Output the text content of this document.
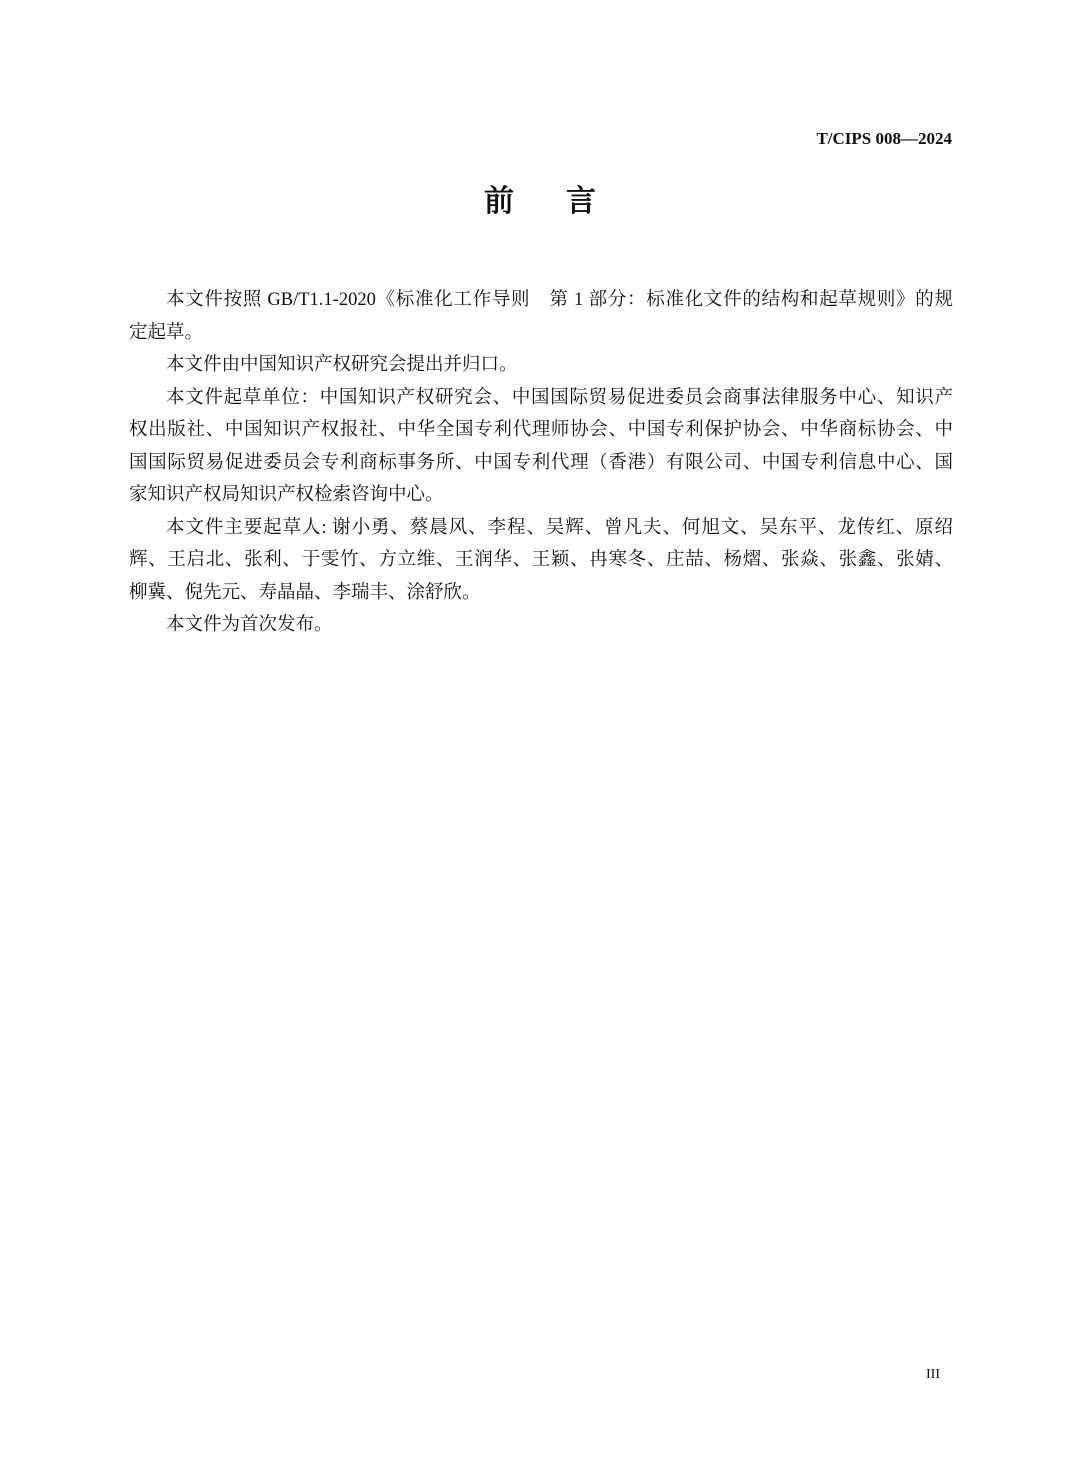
T/CIPS 008—2024
前言
本文件按照 GB/T1.1-2020《标准化工作导则　第 1 部分：标准化文件的结构和起草规则》的规
定起草。
本文件由中国知识产权研究会提出并归口。
本文件起草单位：中国知识产权研究会、中国国际贸易促进委员会商事法律服务中心、知识产
权出版社、中国知识产权报社、中华全国专利代理师协会、中国专利保护协会、中华商标协会、中
国国际贸易促进委员会专利商标事务所、中国专利代理（香港）有限公司、中国专利信息中心、国
家知识产权局知识产权检索咨询中心。
本文件主要起草人: 谢小勇、蔡晨风、李程、吴辉、曾凡夫、何旭文、吴东平、龙传红、原绍
辉、王启北、张利、于雯竹、方立维、王润华、王颖、冉寒冬、庄喆、杨熠、张焱、张鑫、张婧、
柳冀、倪先元、寿晶晶、李瑞丰、涂舒欣。
本文件为首次发布。
III
